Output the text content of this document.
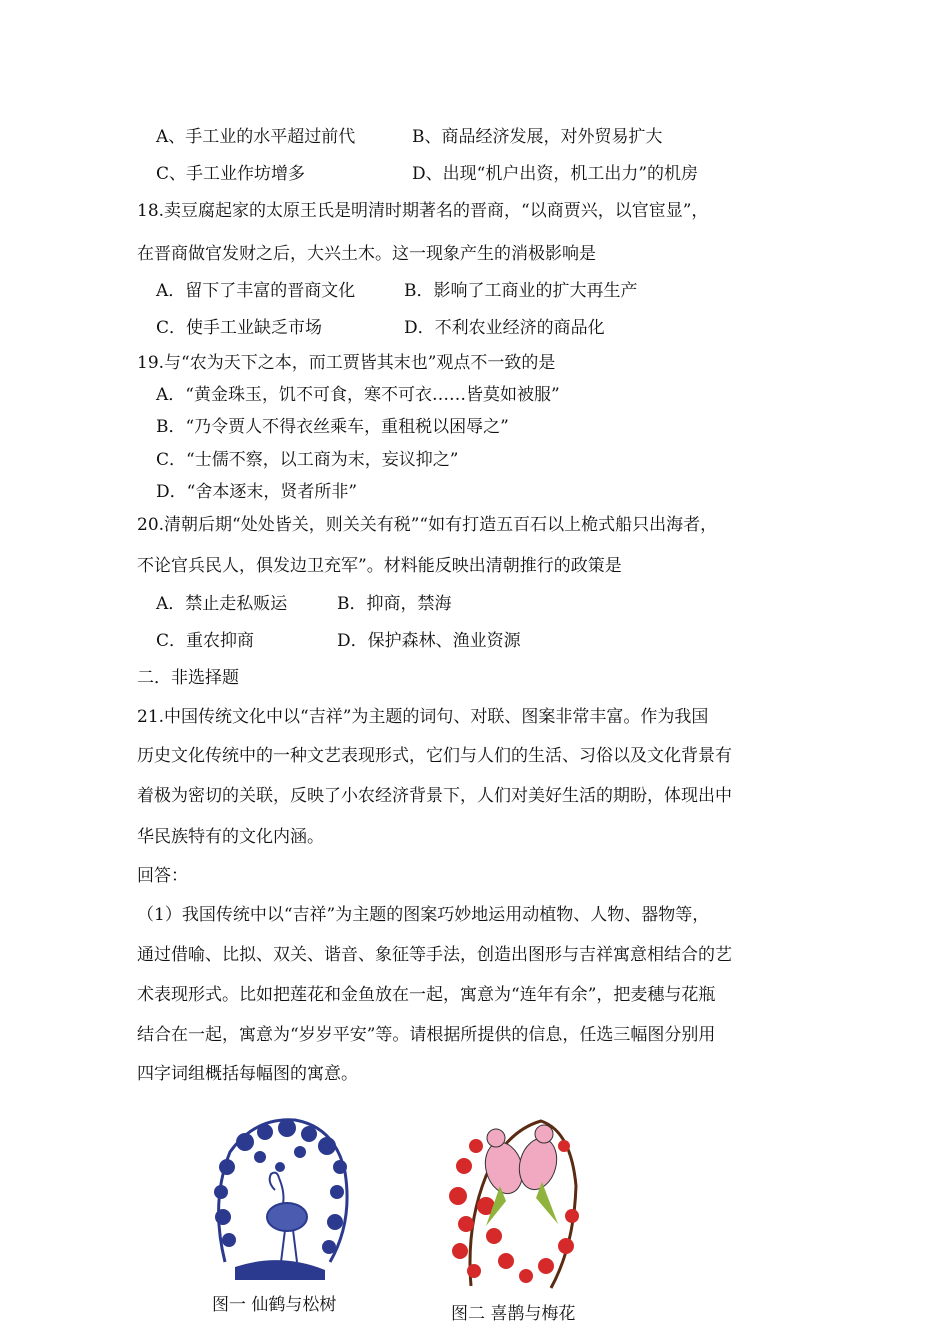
A、手工业的水平超过前代	B、商品经济发展，对外贸易扩大
C、手工业作坊增多	D、出现“机户出资，机工出力”的机房
18.卖豆腐起家的太原王氏是明清时期著名的晋商，“以商贾兴，以官宦显”，
在晋商做官发财之后，大兴土木。这一现象产生的消极影响是
A．留下了丰富的晋商文化	B．影响了工商业的扩大再生产
C．使手工业缺乏市场	D．不利农业经济的商品化
19.与“农为天下之本，而工贾皆其末也”观点不一致的是
A．“黄金珠玉，饥不可食，寒不可衣……皆莫如被服”
B．“乃令贾人不得衣丝乘车，重租税以困辱之”
C．“士儒不察，以工商为末，妄议抑之”
D．“舍本逐末，贤者所非”
20.清朝后期“处处皆关，则关关有税”“如有打造五百石以上桅式船只出海者，
不论官兵民人，俱发边卫充军”。材料能反映出清朝推行的政策是
A．禁止走私贩运	B．抑商，禁海
C．重农抑商	D．保护森林、渔业资源
二．非选择题
21.中国传统文化中以“吉祥”为主题的词句、对联、图案非常丰富。作为我国
历史文化传统中的一种文艺表现形式，它们与人们的生活、习俗以及文化背景有
着极为密切的关联，反映了小农经济背景下，人们对美好生活的期盼，体现出中
华民族特有的文化内涵。
回答：
（1）我国传统中以“吉祥”为主题的图案巧妙地运用动植物、人物、器物等，
通过借喻、比拟、双关、谐音、象征等手法，创造出图形与吉祥寓意相结合的艺
术表现形式。比如把莲花和金鱼放在一起，寓意为“连年有余”，把麦穗与花瓶
结合在一起，寓意为“岁岁平安”等。请根据所提供的信息，任选三幅图分别用
四字词组概括每幅图的寓意。
图一 仙鹤与松树	图二 喜鹊与梅花
